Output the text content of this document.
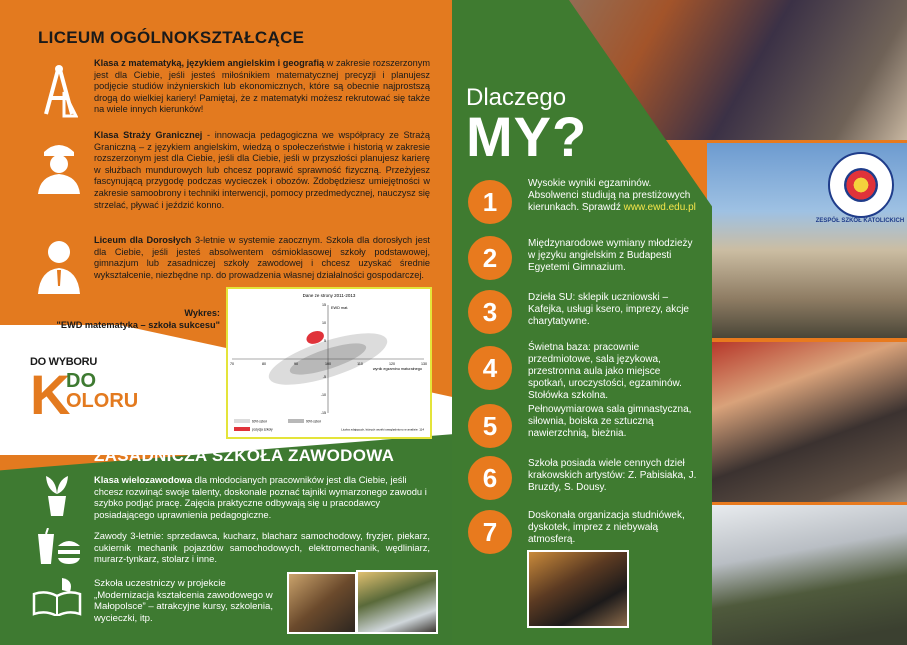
Dlaczego
MY?
ZESPÓŁ SZKÓŁ KATOLICKICH
1
Wysokie wyniki egzaminów. Absolwenci studiują na prestiżowych kierunkach. Sprawdź www.ewd.edu.pl
2	Międzynarodowe wymiany młodzieży w języku angielskim z Budapesti Egyetemi Gimnazium.
3	Dzieła SU: sklepik uczniowski – Kafejka, usługi ksero, imprezy, akcje charytatywne.
4
Świetna baza: pracownie przedmiotowe, sala językowa, przestronna aula jako miejsce spotkań, uroczystości, egzaminów. Stołówka szkolna.
5
Pełnowymiarowa sala gimnastyczna, siłownia, boiska ze sztuczną nawierzchnią, bieżnia.
6	Szkoła posiada wiele cennych dzieł krakowskich artystów: Z. Pabisiaka, J. Bruzdy, S. Dousy.
7
Doskonała organizacja studniówek, dyskotek, imprez z niebywałą atmosferą.
LICEUM OGÓLNOKSZTAŁCĄCE
Klasa z matematyką, językiem angielskim i geografią w zakresie rozszerzonym jest dla Ciebie, jeśli jesteś miłośnikiem matematycznej precyzji i planujesz podjęcie studiów inżynierskich lub ekonomicznych, które są obecnie najprostszą drogą do wielkiej kariery! Pamiętaj, że z matematyki możesz rekrutować się także na wiele innych kierunków!
Klasa Straży Granicznej - innowacja pedagogiczna we współpracy ze Strażą Graniczną – z językiem angielskim, wiedzą o społeczeństwie i historią w zakresie rozszerzonym jest dla Ciebie, jeśli dla Ciebie, jeśli w przyszłości planujesz karierę w służbach mundurowych lub chcesz poprawić sprawność fizyczną. Przeżyjesz fascynującą przygodę podczas wycieczek i obozów. Zdobędziesz umiejętności w zakresie samoobrony i techniki interwencji, pomocy przedmedycznej, nauczysz się strzelać, pływać i jeździć konno.
Liceum dla Dorosłych 3-letnie w systemie zaocznym. Szkoła dla dorosłych jest dla Ciebie, jeśli jesteś absolwentem ośmioklasowej szkoły podstawowej, gimnazjum lub zasadniczej szkoły zawodowej i chcesz uzyskać średnie wykształcenie, niezbędne np. do prowadzenia własnej działalności gospodarczej.
Wykres:
"EWD matematyka – szkoła sukcesu"
Dane ze strony 2011-2013
70	80	90	100	110	120	130
15
10
5
-5
-10
-15
EWD mat.
wynik egzaminu maturalnego
60% szkół	90% szkół
pozycja szkoły	Liczba zdających, których wyniki uwzględniono w analizie: 114
DO WYBORU
K
DO
OLORU
ZASADNICZA SZKOŁA ZAWODOWA
Klasa wielozawodowa dla młodocianych pracowników jest dla Ciebie, jeśli chcesz rozwinąć swoje talenty, doskonale poznać tajniki wymarzonego zawodu i szybko podjąć pracę. Zajęcia praktyczne odbywają się u pracodawcy posiadającego uprawnienia pedagogiczne.
Zawody 3-letnie: sprzedawca, kucharz, blacharz samochodowy, fryzjer, piekarz, cukiernik mechanik pojazdów samochodowych, elektromechanik, wędliniarz, murarz-tynkarz, stolarz i inne.
Szkoła uczestniczy w projekcie „Modernizacja kształcenia zawodowego w Małopolsce” – atrakcyjne kursy, szkolenia, wycieczki, itp.
